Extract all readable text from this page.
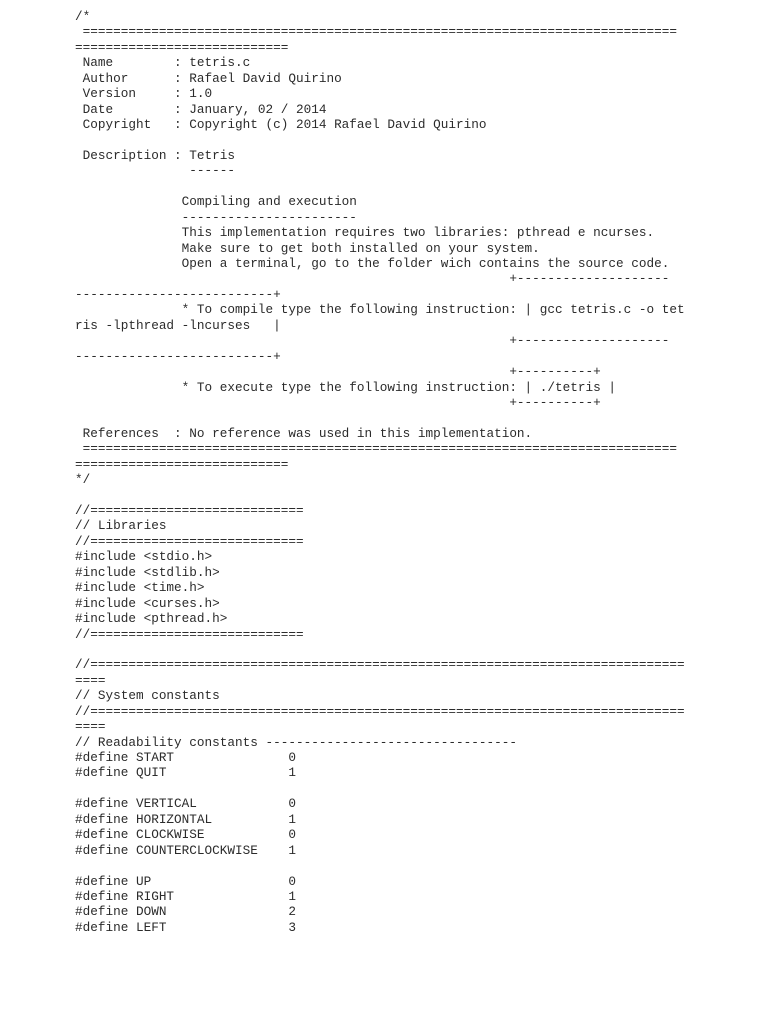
/*
==============================================================================
============================
Name        : tetris.c
Author      : Rafael David Quirino
Version     : 1.0
Date        : January, 02 / 2014
Copyright   : Copyright (c) 2014 Rafael David Quirino

Description : Tetris
------

Compiling and execution
-----------------------
This implementation requires two libraries: pthread e ncurses.
Make sure to get both installed on your system.
Open a terminal, go to the folder wich contains the source code.
+--------------------
--------------------------+
* To compile type the following instruction: | gcc tetris.c -o tet
ris -lpthread -lncurses   |
+--------------------
--------------------------+
+----------+
* To execute type the following instruction: | ./tetris |
+----------+

References  : No reference was used in this implementation.
==============================================================================
============================
*/

//============================
// Libraries
//============================
#include <stdio.h>
#include <stdlib.h>
#include <time.h>
#include <curses.h>
#include <pthread.h>
//============================

//==============================================================================
====
// System constants
//==============================================================================
====
// Readability constants ---------------------------------
#define START               0
#define QUIT                1

#define VERTICAL            0
#define HORIZONTAL          1
#define CLOCKWISE           0
#define COUNTERCLOCKWISE    1

#define UP                  0
#define RIGHT               1
#define DOWN                2
#define LEFT                3
